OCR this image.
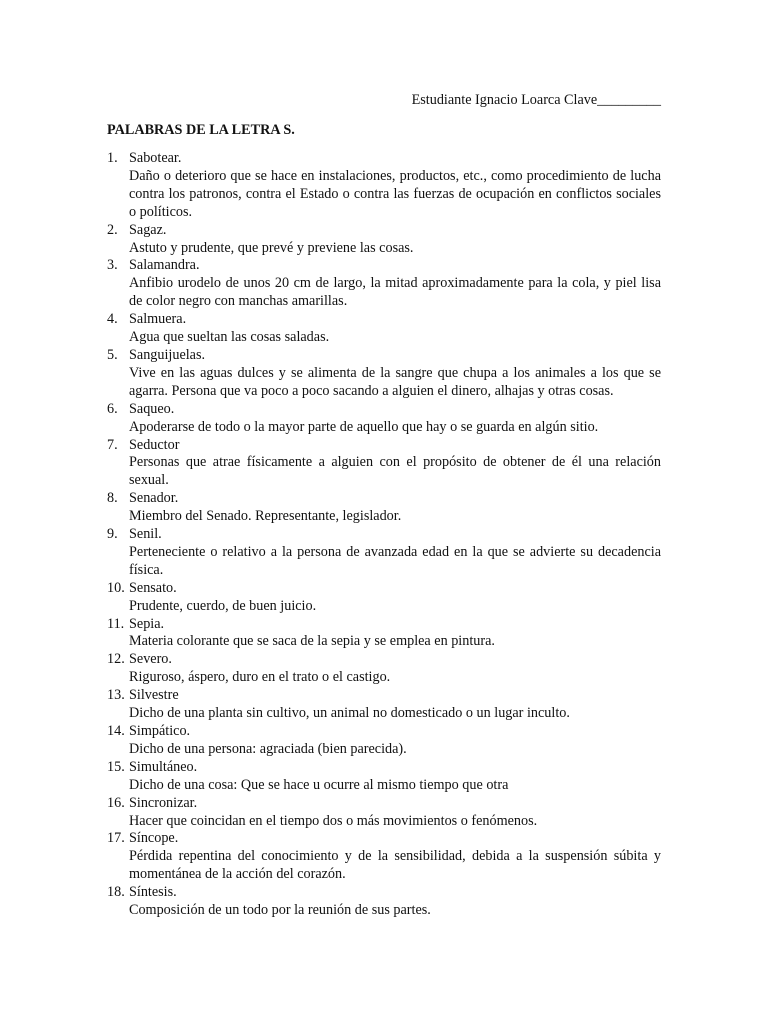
Estudiante Ignacio Loarca Clave_________
PALABRAS DE LA LETRA S.
1. Sabotear.
Daño o deterioro que se hace en instalaciones, productos, etc., como procedimiento de lucha contra los patronos, contra el Estado o contra las fuerzas de ocupación en conflictos sociales o políticos.
2. Sagaz.
Astuto y prudente, que prevé y previene las cosas.
3. Salamandra.
Anfibio urodelo de unos 20 cm de largo, la mitad aproximadamente para la cola, y piel lisa de color negro con manchas amarillas.
4. Salmuera.
Agua que sueltan las cosas saladas.
5. Sanguijuelas.
Vive en las aguas dulces y se alimenta de la sangre que chupa a los animales a los que se agarra. Persona que va poco a poco sacando a alguien el dinero, alhajas y otras cosas.
6. Saqueo.
Apoderarse de todo o la mayor parte de aquello que hay o se guarda en algún sitio.
7. Seductor
Personas que atrae físicamente a alguien con el propósito de obtener de él una relación sexual.
8. Senador.
Miembro del Senado. Representante, legislador.
9. Senil.
Perteneciente o relativo a la persona de avanzada edad en la que se advierte su decadencia física.
10. Sensato.
Prudente, cuerdo, de buen juicio.
11. Sepia.
Materia colorante que se saca de la sepia y se emplea en pintura.
12. Severo.
Riguroso, áspero, duro en el trato o el castigo.
13. Silvestre
Dicho de una planta sin cultivo, un animal no domesticado o un lugar inculto.
14. Simpático.
Dicho de una persona: agraciada (bien parecida).
15. Simultáneo.
Dicho de una cosa: Que se hace u ocurre al mismo tiempo que otra
16. Sincronizar.
Hacer que coincidan en el tiempo dos o más movimientos o fenómenos.
17. Síncope.
Pérdida repentina del conocimiento y de la sensibilidad, debida a la suspensión súbita y momentánea de la acción del corazón.
18. Síntesis.
Composición de un todo por la reunión de sus partes.
